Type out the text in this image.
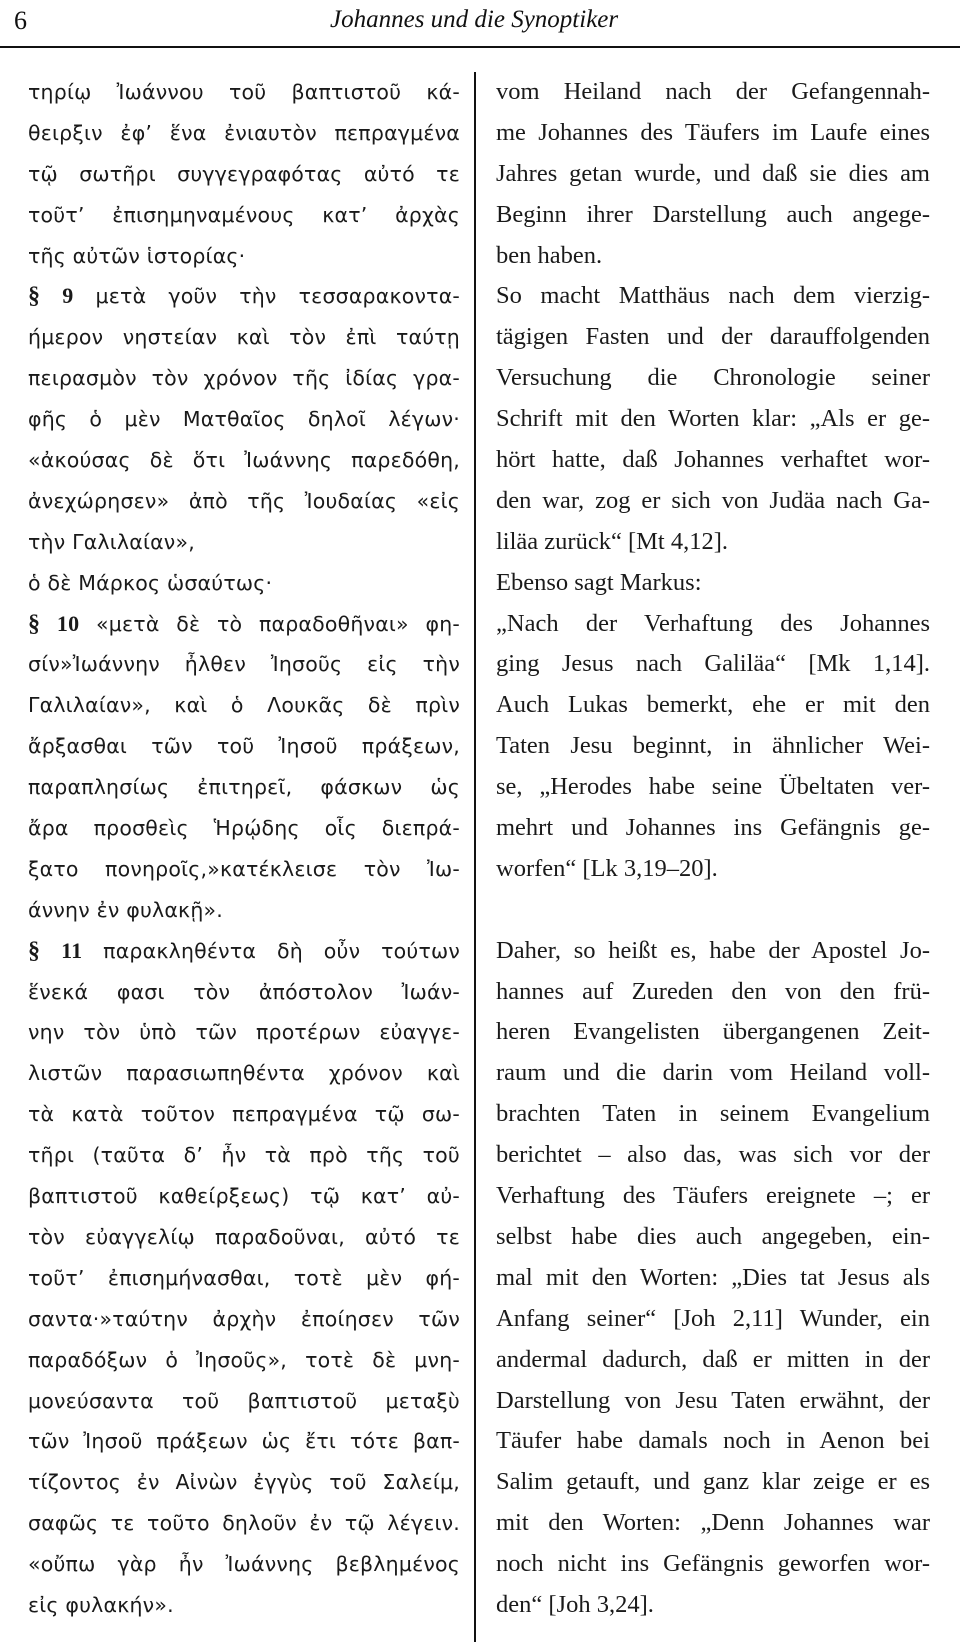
6	Johannes und die Synoptiker
τηρίῳ Ἰωάννου τοῦ βαπτιστοῦ κά-
θειρξιν ἐφ’ ἕνα ἐνιαυτὸν πεπραγμένα
τῷ σωτῆρι συγγεγραφότας αὐτό τε
τοῦτ’ ἐπισημηναμένους κατ’ ἀρχὰς
τῆς αὐτῶν ἱστορίας·
§ 9 μετὰ γοῦν τὴν τεσσαρακοντα-
ήμερον νηστείαν καὶ τὸν ἐπὶ ταύτῃ
πειρασμὸν τὸν χρόνον τῆς ἰδίας γρα-
φῆς ὁ μὲν Ματθαῖος δηλοῖ λέγων·
«ἀκούσας δὲ ὅτι Ἰωάννης παρεδόθη,
ἀνεχώρησεν» ἀπὸ τῆς Ἰουδαίας «εἰς
τὴν Γαλιλαίαν»,
ὁ δὲ Μάρκος ὡσαύτως·
§ 10 «μετὰ δὲ τὸ παραδοθῆναι» φη-
σίν»Ἰωάννην ἦλθεν Ἰησοῦς εἰς τὴν
Γαλιλαίαν», καὶ ὁ Λουκᾶς δὲ πρὶν
ἄρξασθαι τῶν τοῦ Ἰησοῦ πράξεων,
παραπλησίως ἐπιτηρεῖ, φάσκων ὡς
ἄρα προσθεὶς Ἡρῴδης οἷς διεπρά-
ξατο πονηροῖς,»κατέκλεισε τὸν Ἰω-
άννην ἐν φυλακῇ».
§ 11 παρακληθέντα δὴ οὖν τούτων
ἕνεκά φασι τὸν ἀπόστολον Ἰωάν-
νην τὸν ὑπὸ τῶν προτέρων εὐαγγε-
λιστῶν παρασιωπηθέντα χρόνον καὶ
τὰ κατὰ τοῦτον πεπραγμένα τῷ σω-
τῆρι (ταῦτα δ’ ἦν τὰ πρὸ τῆς τοῦ
βαπτιστοῦ καθείρξεως) τῷ κατ’ αὐ-
τὸν εὐαγγελίῳ παραδοῦναι, αὐτό τε
τοῦτ’ ἐπισημήνασθαι, τοτὲ μὲν φή-
σαντα·»ταύτην ἀρχὴν ἐποίησεν τῶν
παραδόξων ὁ Ἰησοῦς», τοτὲ δὲ μνη-
μονεύσαντα τοῦ βαπτιστοῦ μεταξὺ
τῶν Ἰησοῦ πράξεων ὡς ἔτι τότε βαπ-
τίζοντος ἐν Αἰνὼν ἐγγὺς τοῦ Σαλείμ,
σαφῶς τε τοῦτο δηλοῦν ἐν τῷ λέγειν.
«οὔπω γὰρ ἦν Ἰωάννης βεβλημένος
εἰς φυλακήν».
vom Heiland nach der Gefangennah-
me Johannes des Täufers im Laufe eines
Jahres getan wurde, und daß sie dies am
Beginn ihrer Darstellung auch angege-
ben haben.
So macht Matthäus nach dem vierzig-
tägigen Fasten und der darauffolgenden
Versuchung die Chronologie seiner
Schrift mit den Worten klar: „Als er ge-
hört hatte, daß Johannes verhaftet wor-
den war, zog er sich von Judäa nach Ga-
liläa zurück“ [Mt 4,12].
Ebenso sagt Markus:
„Nach der Verhaftung des Johannes
ging Jesus nach Galiläa“ [Mk 1,14].
Auch Lukas bemerkt, ehe er mit den
Taten Jesu beginnt, in ähnlicher Wei-
se, „Herodes habe seine Übeltaten ver-
mehrt und Johannes ins Gefängnis ge-
worfen“ [Lk 3,19–20].
Daher, so heißt es, habe der Apostel Jo-
hannes auf Zureden den von den frü-
heren Evangelisten übergangenen Zeit-
raum und die darin vom Heiland voll-
brachten Taten in seinem Evangelium
berichtet – also das, was sich vor der
Verhaftung des Täufers ereignete –; er
selbst habe dies auch angegeben, ein-
mal mit den Worten: „Dies tat Jesus als
Anfang seiner“ [Joh 2,11] Wunder, ein
andermal dadurch, daß er mitten in der
Darstellung von Jesu Taten erwähnt, der
Täufer habe damals noch in Aenon bei
Salim getauft, und ganz klar zeige er es
mit den Worten: „Denn Johannes war
noch nicht ins Gefängnis geworfen wor-
den“ [Joh 3,24].
